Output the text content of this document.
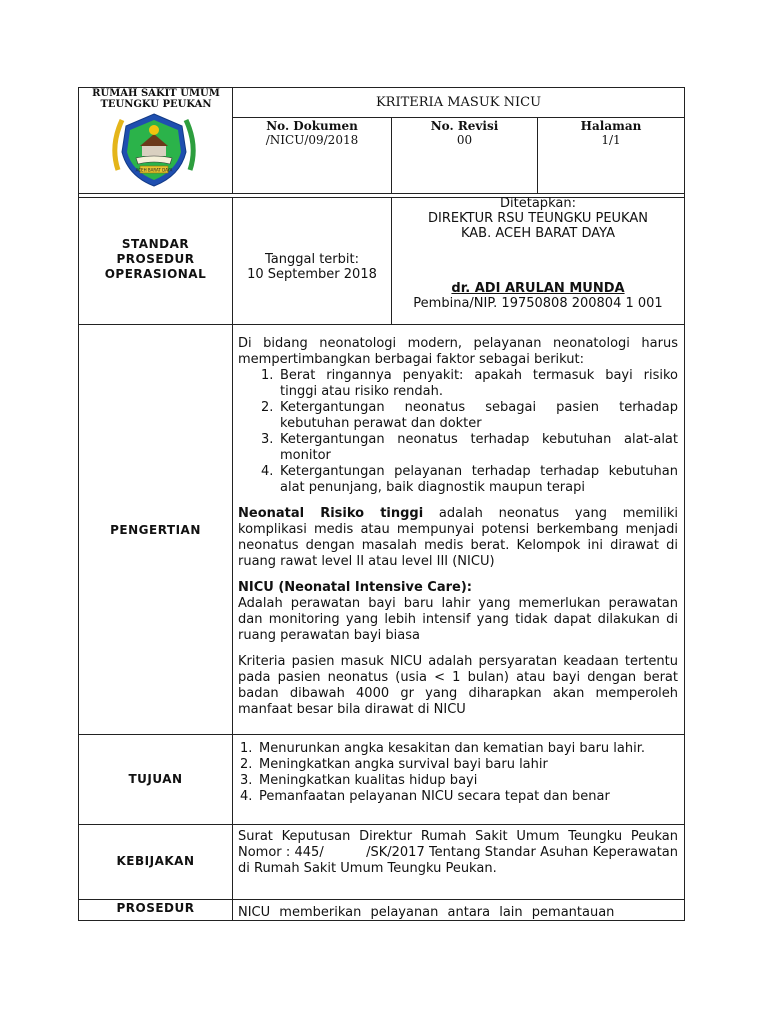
RUMAH SAKIT UMUM TEUNGKU PEUKAN
ACEH BARAT DAYA
KRITERIA MASUK NICU
No. Dokumen
/NICU/09/2018
No. Revisi
00
Halaman
1/1
STANDAR
PROSEDUR
OPERASIONAL
Tanggal terbit:
10 September 2018
Ditetapkan:
DIREKTUR RSU TEUNGKU PEUKAN
KAB. ACEH BARAT DAYA
dr. ADI ARULAN MUNDA
Pembina/NIP. 19750808 200804 1 001
PENGERTIAN
Di bidang neonatologi modern, pelayanan neonatologi harus mempertimbangkan berbagai faktor sebagai berikut:
1. Berat ringannya penyakit: apakah termasuk bayi risiko tinggi atau risiko rendah.
2. Ketergantungan neonatus sebagai pasien terhadap kebutuhan perawat dan dokter
3. Ketergantungan neonatus terhadap kebutuhan alat-alat monitor
4. Ketergantungan pelayanan terhadap terhadap kebutuhan alat penunjang, baik diagnostik maupun terapi
Neonatal Risiko tinggi adalah neonatus yang memiliki komplikasi medis atau mempunyai potensi berkembang menjadi neonatus dengan masalah medis berat. Kelompok ini dirawat di ruang rawat level II atau level III (NICU)
NICU (Neonatal Intensive Care):
Adalah perawatan bayi baru lahir yang memerlukan perawatan dan monitoring yang lebih intensif yang tidak dapat dilakukan di ruang perawatan bayi biasa
Kriteria pasien masuk NICU adalah persyaratan keadaan tertentu pada pasien neonatus (usia < 1 bulan) atau bayi dengan berat badan dibawah 4000 gr yang diharapkan akan memperoleh manfaat besar bila dirawat di NICU
TUJUAN
1. Menurunkan angka kesakitan dan kematian bayi baru lahir.
2. Meningkatkan angka survival bayi baru lahir
3. Meningkatkan kualitas hidup bayi
4. Pemanfaatan pelayanan NICU secara tepat dan benar
KEBIJAKAN
Surat Keputusan Direktur Rumah Sakit Umum Teungku Peukan Nomor : 445/          /SK/2017 Tentang Standar Asuhan Keperawatan di Rumah Sakit Umum Teungku Peukan.
PROSEDUR	NICU memberikan pelayanan antara lain pemantauan
